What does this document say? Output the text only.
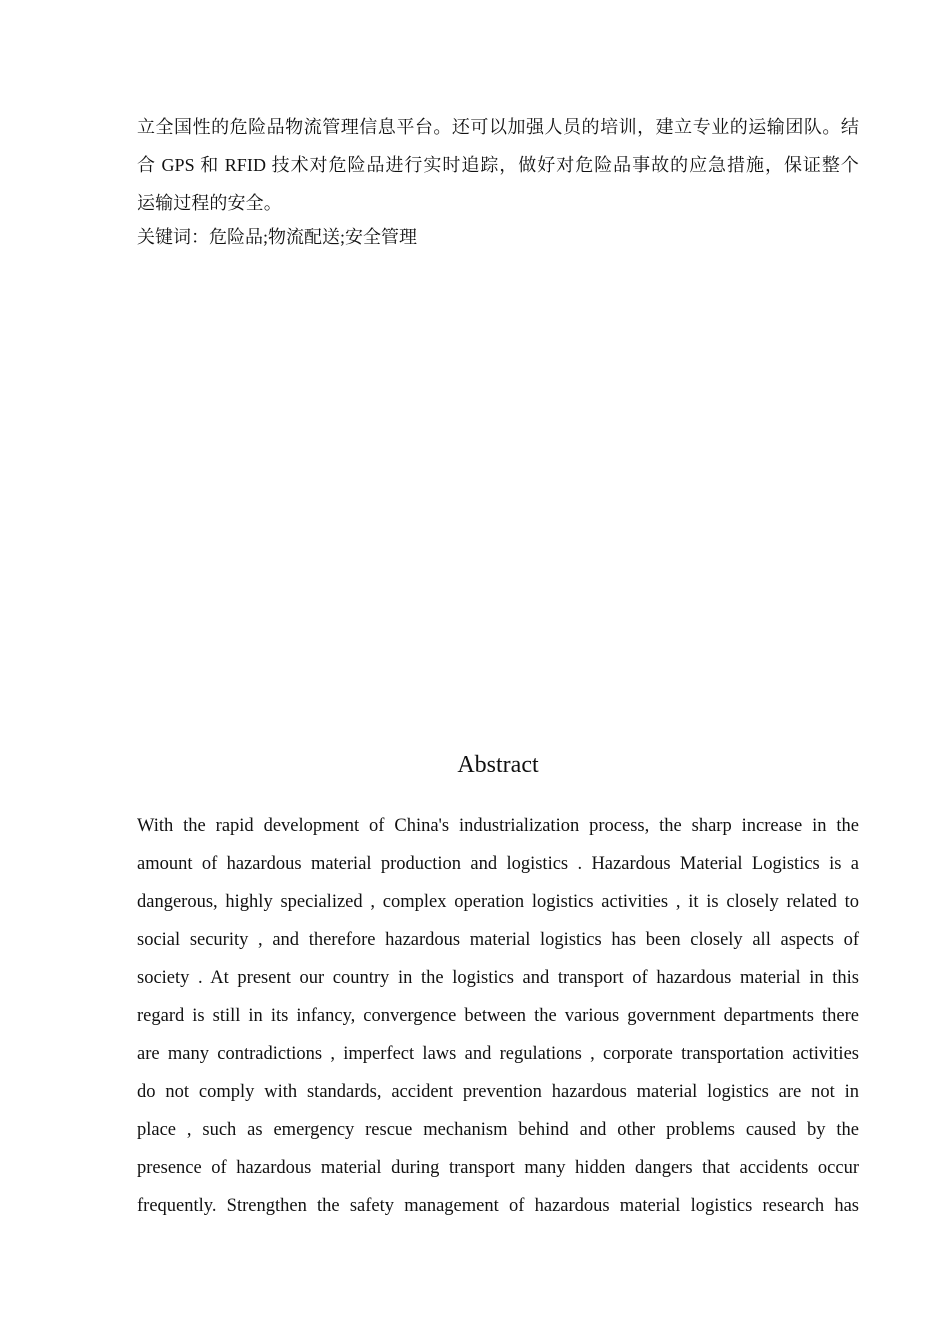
立全国性的危险品物流管理信息平台。还可以加强人员的培训，建立专业的运输团队。结
合 GPS 和 RFID 技术对危险品进行实时追踪，做好对危险品事故的应急措施，保证整个
运输过程的安全。
关键词：危险品;物流配送;安全管理
Abstract
With the rapid development of China's industrialization process, the sharp increase in the
amount of hazardous material production and logistics . Hazardous Material Logistics is a
dangerous, highly specialized , complex operation logistics activities , it is closely related to
social security , and therefore hazardous material logistics has been closely all aspects of
society . At present our country in the logistics and transport of hazardous material in this
regard is still in its infancy, convergence between the various government departments there
are many contradictions , imperfect laws and regulations , corporate transportation activities
do not comply with standards, accident prevention hazardous material logistics are not in
place , such as emergency rescue mechanism behind and other problems caused by the
presence of hazardous material during transport many hidden dangers that accidents occur
frequently. Strengthen the safety management of hazardous material logistics research has
